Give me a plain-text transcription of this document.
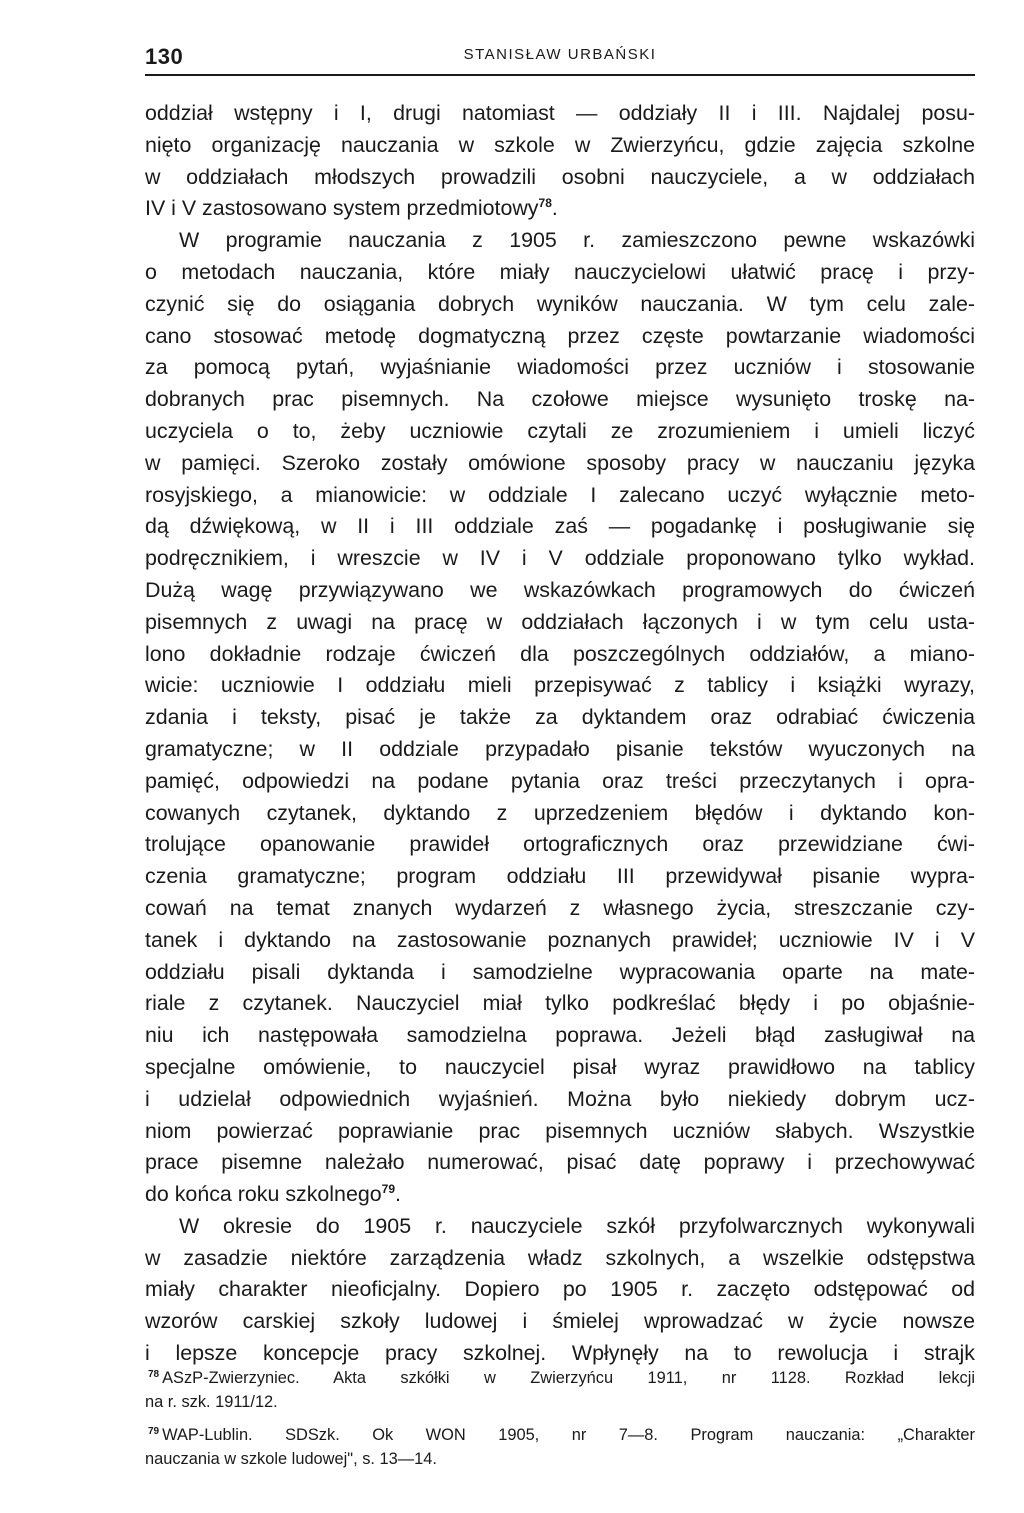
130	STANISŁAW URBAŃSKI
oddział wstępny i I, drugi natomiast — oddziały II i III. Najdalej posu-
nięto organizację nauczania w szkole w Zwierzyńcu, gdzie zajęcia szkolne
w oddziałach młodszych prowadzili osobni nauczyciele, a w oddziałach
IV i V zastosowano system przedmiotowy$^{78}$.
W programie nauczania z 1905 r. zamieszczono pewne wskazówki
o metodach nauczania, które miały nauczycielowi ułatwić pracę i przy-
czynić się do osiągania dobrych wyników nauczania. W tym celu zale-
cano stosować metodę dogmatyczną przez częste powtarzanie wiadomości
za pomocą pytań, wyjaśnianie wiadomości przez uczniów i stosowanie
dobranych prac pisemnych. Na czołowe miejsce wysunięto troskę na-
uczyciela o to, żeby uczniowie czytali ze zrozumieniem i umieli liczyć
w pamięci. Szeroko zostały omówione sposoby pracy w nauczaniu języka
rosyjskiego, a mianowicie: w oddziale I zalecano uczyć wyłącznie meto-
dą dźwiękową, w II i III oddziale zaś — pogadankę i posługiwanie się
podręcznikiem, i wreszcie w IV i V oddziale proponowano tylko wykład.
Dużą wagę przywiązywano we wskazówkach programowych do ćwiczeń
pisemnych z uwagi na pracę w oddziałach łączonych i w tym celu usta-
lono dokładnie rodzaje ćwiczeń dla poszczególnych oddziałów, a miano-
wicie: uczniowie I oddziału mieli przepisywać z tablicy i książki wyrazy,
zdania i teksty, pisać je także za dyktandem oraz odrabiać ćwiczenia
gramatyczne; w II oddziale przypadało pisanie tekstów wyuczonych na
pamięć, odpowiedzi na podane pytania oraz treści przeczytanych i opra-
cowanych czytanek, dyktando z uprzedzeniem błędów i dyktando kon-
trolujące opanowanie prawideł ortograficznych oraz przewidziane ćwi-
czenia gramatyczne; program oddziału III przewidywał pisanie wypra-
cowań na temat znanych wydarzeń z własnego życia, streszczanie czy-
tanek i dyktando na zastosowanie poznanych prawideł; uczniowie IV i V
oddziału pisali dyktanda i samodzielne wypracowania oparte na mate-
riale z czytanek. Nauczyciel miał tylko podkreślać błędy i po objaśnie-
niu ich następowała samodzielna poprawa. Jeżeli błąd zasługiwał na
specjalne omówienie, to nauczyciel pisał wyraz prawidłowo na tablicy
i udzielał odpowiednich wyjaśnień. Można było niekiedy dobrym ucz-
niom powierzać poprawianie prac pisemnych uczniów słabych. Wszystkie
prace pisemne należało numerować, pisać datę poprawy i przechowywać
do końca roku szkolnego$^{79}$.
W okresie do 1905 r. nauczyciele szkół przyfolwarcznych wykonywali
w zasadzie niektóre zarządzenia władz szkolnych, a wszelkie odstępstwa
miały charakter nieoficjalny. Dopiero po 1905 r. zaczęto odstępować od
wzorów carskiej szkoły ludowej i śmielej wprowadzać w życie nowsze
i lepsze koncepcje pracy szkolnej. Wpłynęły na to rewolucja i strajk
$^{78}$ ASzP-Zwierzyniec. Akta szkółki w Zwierzyńcu 1911, nr 1128. Rozkład lekcji
na r. szk. 1911/12.
$^{79}$ WAP-Lublin. SDSzk. Ok WON 1905, nr 7—8. Program nauczania: „Charakter
nauczania w szkole ludowej", s. 13—14.
